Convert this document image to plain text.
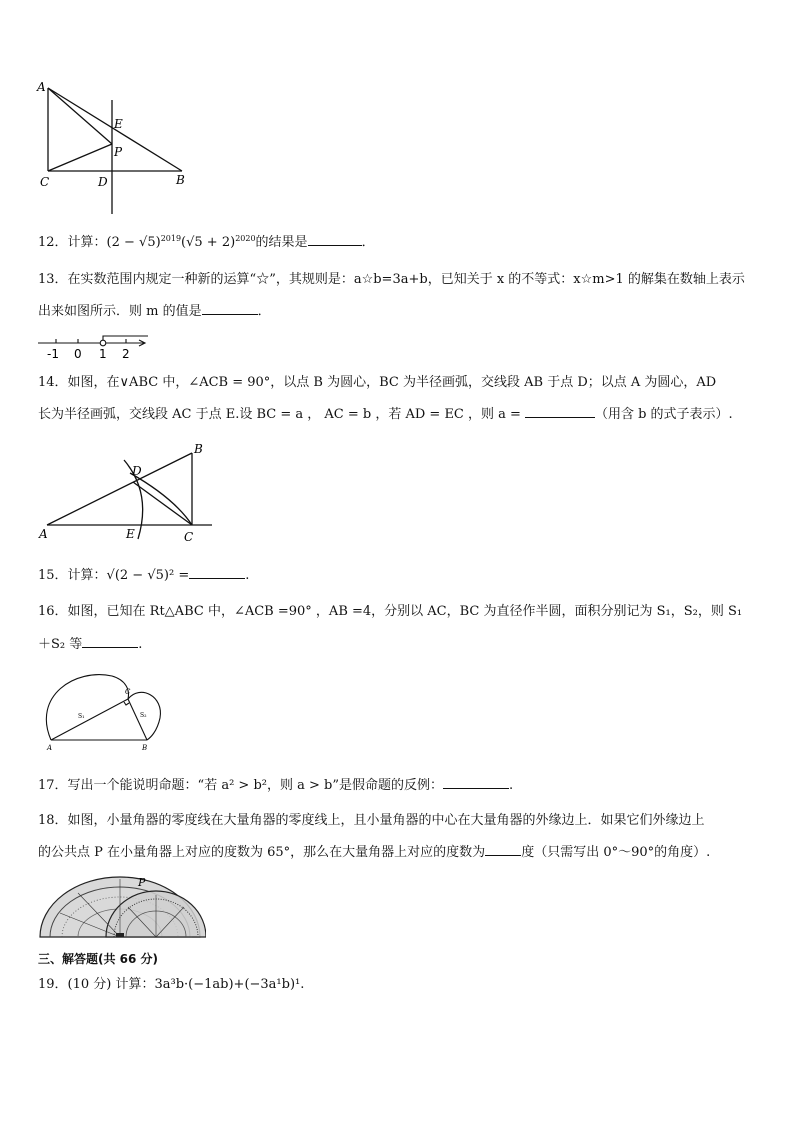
A
E
P
C	D	B
12．计算：$(2 - √5)^{2019}(√5 + 2)^{2020}$的结果是	．
13．在实数范围内规定一种新的运算“☆”，其规则是：a☆b=3a+b，已知关于 x 的不等式：x☆m>1 的解集在数轴上表示
出来如图所示．则 m 的值是	．
-1 0 1 2
14．如图，在∨ABC 中，∠ACB = 90°，以点 B 为圆心，BC 为半径画弧，交线段 AB 于点 D；以点 A 为圆心，AD
长为半径画弧，交线段 AC 于点 E.设 BC = a ， AC = b ，若 AD = EC ，则 a =	（用含 b 的式子表示）.
B
D
A	E	C
15．计算：√(2 − √5)² =	.
16．如图，已知在 Rt△ABC 中，∠ACB =90° ，AB =4，分别以 AC，BC 为直径作半圆，面积分别记为 S₁，S₂，则 S₁
＋S₂ 等	.
C
S₁	S₂
A	B
17．写出一个能说明命题：“若 a² > b²，则 a > b”是假命题的反例：	.
18．如图，小量角器的零度线在大量角器的零度线上，且小量角器的中心在大量角器的外缘边上．如果它们外缘边上
的公共点 P 在小量角器上对应的度数为 65°，那么在大量角器上对应的度数为	度（只需写出 0°～90°的角度）.
P
三、解答题(共 66 分)
19．(10 分) 计算：3a³b·(−1ab)+(−3a¹b)¹.
